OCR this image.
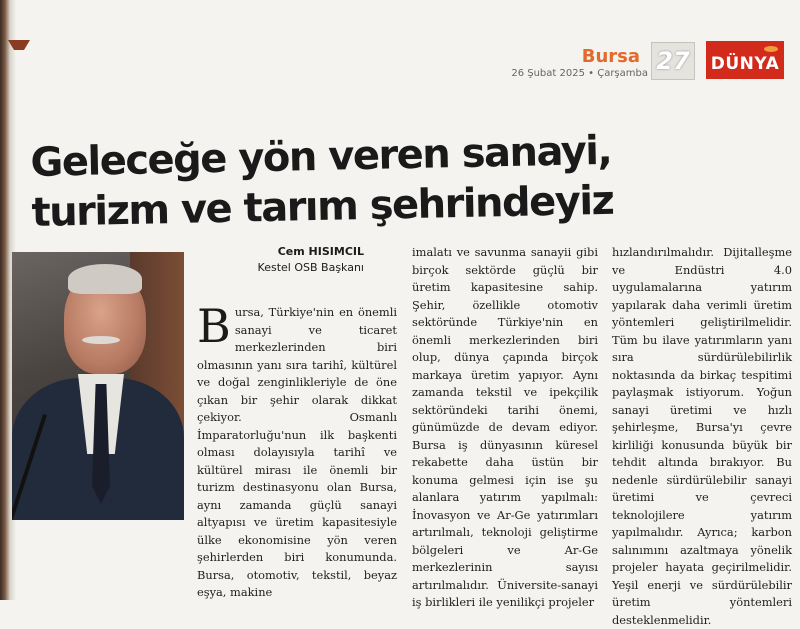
Bursa
26 Şubat 2025 • Çarşamba 27	DÜNYA
Geleceğe yön veren sanayi, turizm ve tarım şehrindeyiz
Cem HISIMCIL
Kestel OSB Başkanı

B ursa, Türkiye'nin en önemli sanayi ve ticaret merkezlerinden biri olmasının yanı sıra tarihî, kültürel ve doğal zenginlikleriyle de öne çıkan bir şehir olarak dikkat çekiyor. Osmanlı İmparatorluğu'nun ilk başkenti olması dolayısıyla tarihî ve kültürel mirası ile önemli bir turizm destinasyonu olan Bursa, aynı zamanda güçlü sanayi altyapısı ve üretim kapasitesiyle ülke ekonomisine yön veren şehirlerden biri konumunda. Bursa, otomotiv, tekstil, beyaz eşya, makine

imalatı ve savunma sanayii gibi birçok sektörde güçlü bir üretim kapasitesine sahip. Şehir, özellikle otomotiv sektöründe Türkiye'nin en önemli merkezlerinden biri olup, dünya çapında birçok markaya üretim yapıyor. Aynı zamanda tekstil ve ipekçilik sektöründeki tarihi önemi, günümüzde de devam ediyor. Bursa iş dünyasının küresel rekabette daha üstün bir konuma gelmesi için ise şu alanlara yatırım yapılmalı: İnovasyon ve Ar-Ge yatırımları artırılmalı, teknoloji geliştirme bölgeleri ve Ar-Ge merkezlerinin sayısı artırılmalıdır. Üniversite-sanayi iş birlikleri ile yenilikçi projeler

hızlandırılmalıdır. Dijitalleşme ve Endüstri 4.0 uygulamalarına yatırım yapılarak daha verimli üretim yöntemleri geliştirilmelidir. Tüm bu ilave yatırımların yanı sıra sürdürülebilirlik noktasında da birkaç tespitimi paylaşmak istiyorum. Yoğun sanayi üretimi ve hızlı şehirleşme, Bursa'yı çevre kirliliği konusunda büyük bir tehdit altında bırakıyor. Bu nedenle sürdürülebilir sanayi üretimi ve çevreci teknolojilere yatırım yapılmalıdır. Ayrıca; karbon salınımını azaltmaya yönelik projeler hayata geçirilmelidir. Yeşil enerji ve sürdürülebilir üretim yöntemleri desteklenmelidir.
